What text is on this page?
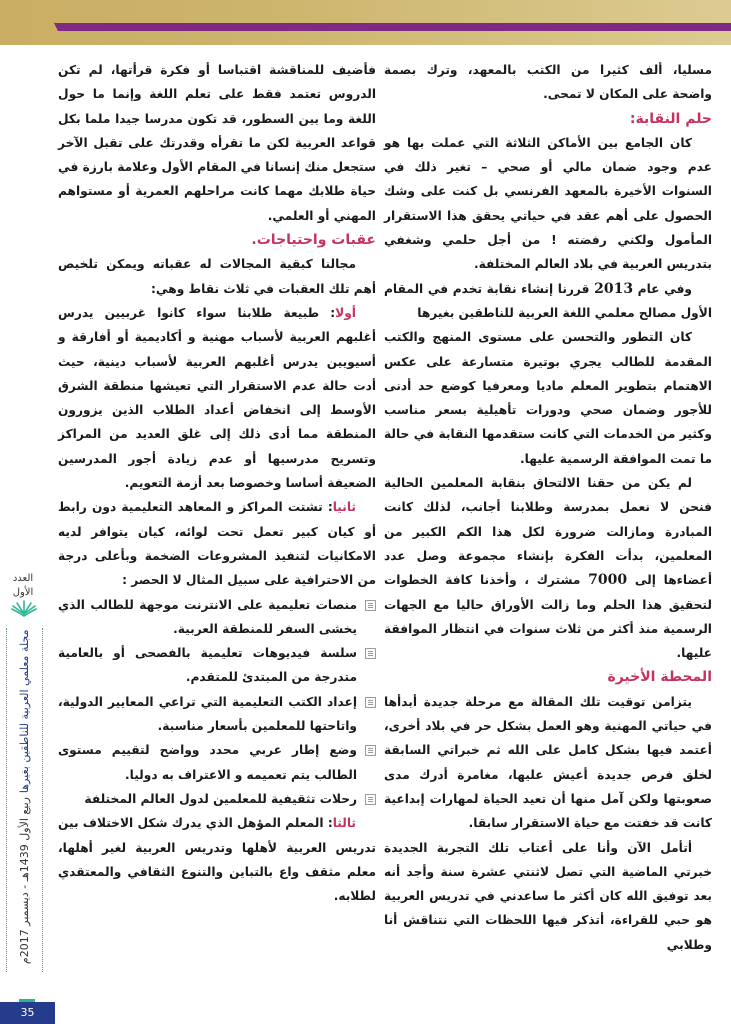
مسليا، ألف كثيرا من الكتب بالمعهد، وترك بصمة واضحة على المكان لا تمحى.

حلم النقابة:

كان الجامع بين الأماكن الثلاثة التي عملت بها هو عدم وجود ضمان مالي أو صحي – تغير ذلك في السنوات الأخيرة بالمعهد الفرنسي بل كنت على وشك الحصول على أهم عقد في حياتي يحقق هذا الاستقرار المأمول ولكني رفضته ! من أجل حلمي وشغفي بتدريس العربية في بلاد العالم المختلفة.

وفي عام 2013 قررنا إنشاء نقابة تخدم في المقام الأول مصالح معلمي اللغة العربية للناطقين بغيرها

كان التطور والتحسن على مستوى المنهج والكتب المقدمة للطالب يجري بوتيرة متسارعة على عكس الاهتمام بتطوير المعلم ماديا ومعرفيا كوضع حد أدنى للأجور وضمان صحي ودورات تأهيلية بسعر مناسب وكثير من الخدمات التي كانت ستقدمها النقابة في حالة ما تمت الموافقة الرسمية عليها.

لم يكن من حقنا الالتحاق بنقابة المعلمين الحالية فنحن لا نعمل بمدرسة وطلابنا أجانب، لذلك كانت المبادرة ومازالت ضرورة لكل هذا الكم الكبير من المعلمين، بدأت الفكرة بإنشاء مجموعة وصل عدد أعضاءها إلى 7000 مشترك ، وأخذنا كافة الخطوات لتحقيق هذا الحلم وما زالت الأوراق حاليا مع الجهات الرسمية منذ أكثر من ثلاث سنوات في انتظار الموافقة عليها.

المحطة الأخيرة

يتزامن توقيت تلك المقالة مع مرحلة جديدة أبدأها في حياتي المهنية وهو العمل بشكل حر في بلاد أخرى، أعتمد فيها بشكل كامل على الله ثم خبراتي السابقة لخلق فرص جديدة أعيش عليها، مغامرة أدرك مدى صعوبتها ولكن آمل منها أن تعيد الحياة لمهارات إبداعية كانت قد خفتت مع حياة الاستقرار سابقا.

أتأمل الآن وأنا على أعتاب تلك التجربة الجديدة خبرتي الماضية التي تصل لاثنتي عشرة سنة وأجد أنه بعد توفيق الله كان أكثر ما ساعدني في تدريس العربية هو حبي للقراءة، أتذكر فيها اللحظات التي نتناقش أنا وطلابي

فأضيف للمناقشة اقتباسا أو فكرة قرأتها، لم تكن الدروس تعتمد فقط على تعلم اللغة وإنما ما حول اللغة وما بين السطور، قد تكون مدرسا جيدا ملما بكل قواعد العربية لكن ما تقرأه وقدرتك على تقبل الآخر ستجعل منك إنسانا في المقام الأول وعلامة بارزة في حياة طلابك مهما كانت مراحلهم العمرية أو مستواهم المهني أو العلمي.

عقبات واحتياجات.

مجالنا كبقية المجالات له عقباته ويمكن تلخيص أهم تلك العقبات في ثلاث نقاط وهي:

أولا: طبيعة طلابنا سواء كانوا غربيين يدرس أغلبهم العربية لأسباب مهنية و أكاديمية أو أفارقة و أسيويين يدرس أغلبهم العربية لأسباب دينية، حيث أدت حالة عدم الاستقرار التي تعيشها منطقة الشرق الأوسط إلى انخفاض أعداد الطلاب الذين يزورون المنطقة مما أدى ذلك إلى غلق العديد من المراكز وتسريح مدرسيها أو عدم زيادة أجور المدرسين الضعيفة أساسا وخصوصا بعد أزمة التعويم.

ثانيا: تشتت المراكز و المعاهد التعليمية دون رابط أو كيان كبير تعمل تحت لوائه، كيان يتوافر لديه الامكانيات لتنفيذ المشروعات الضخمة وبأعلى درجة من الاحترافية على سبيل المثال لا الحصر :

منصات تعليمية على الانترنت موجهة للطالب الذي يخشى السفر للمنطقة العربية.
سلسة فيديوهات تعليمية بالفصحى أو بالعامية متدرجة من المبتدئ للمتقدم.
إعداد الكتب التعليمية التي تراعي المعايير الدولية، واتاحتها للمعلمين بأسعار مناسبة.
وضع إطار عربي محدد وواضح لتقييم مستوى الطالب يتم تعميمه و الاعتراف به دوليا.
رحلات تثقيفية للمعلمين لدول العالم المختلفة

ثالثا: المعلم المؤهل الذي يدرك شكل الاختلاف بين تدريس العربية لأهلها وتدريس العربية لغير أهلها، معلم مثقف واع بالتباين والتنوع الثقافي والمعتقدي لطلابه.

العدد
الأول
مجلة معلمي العربية للناطقين بغيرها ربيع الأول 1439هـ - ديسمبر 2017م
35
